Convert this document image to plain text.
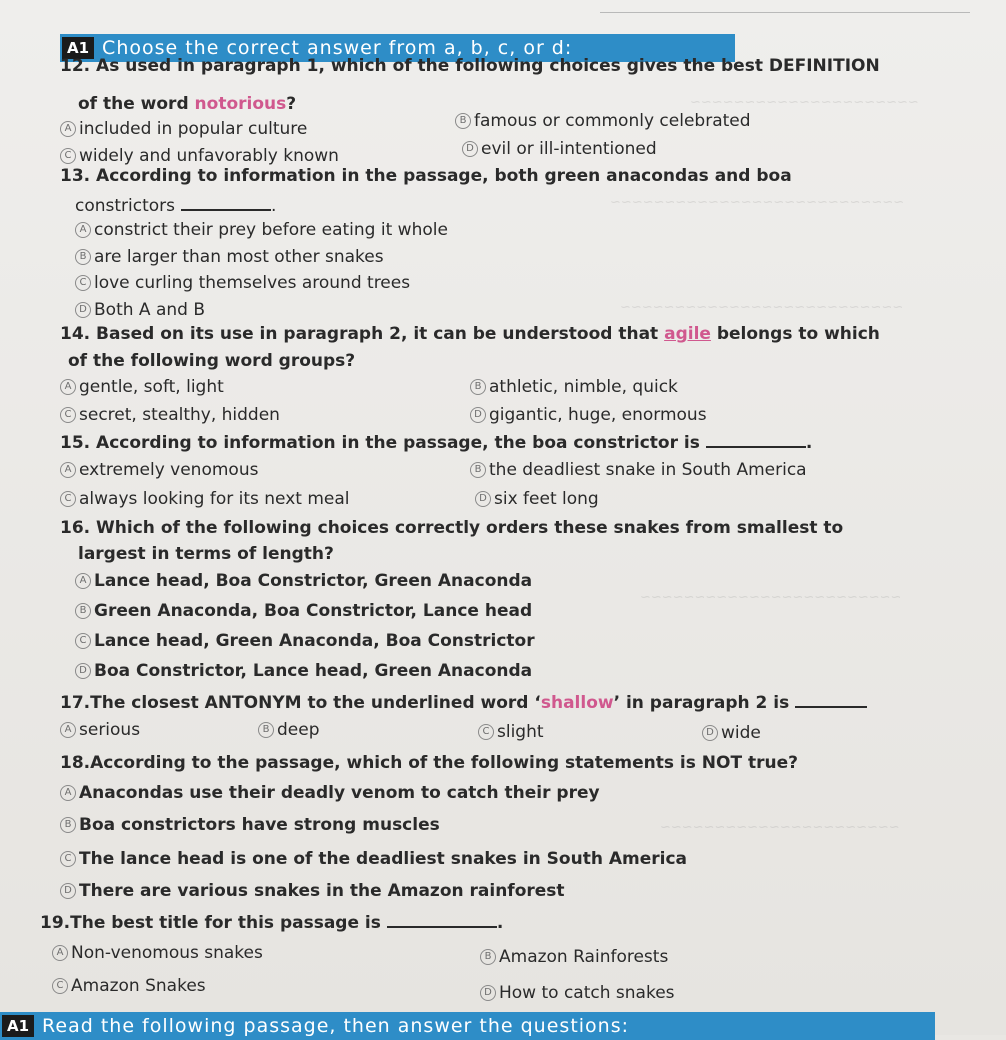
~~~~~~~~~~~~~~~~~~~~~
~~~~~~~~~~~~~~~~~~~~~~~~~~~
~~~~~~~~~~~~~~~~~~~~~~~~~~
~~~~~~~~~~~~~~~~~~~~~~~~
~~~~~~~~~~~~~~~~~~~~~~
A1 Choose the correct answer from a, b, c, or d:
12. As used in paragraph 1, which of the following choices gives the best DEFINITION
of the word notorious?
A included in popular culture	B famous or commonly celebrated
C widely and unfavorably known	D evil or ill-intentioned
13. According to information in the passage, both green anacondas and boa
constrictors	.
A constrict their prey before eating it whole
B are larger than most other snakes
C love curling themselves around trees
D Both A and B
14. Based on its use in paragraph 2, it can be understood that agile belongs to which
of the following word groups?
A gentle, soft, light	B athletic, nimble, quick
C secret, stealthy, hidden	D gigantic, huge, enormous
15. According to information in the passage, the boa constrictor is	.
A extremely venomous	B the deadliest snake in South America
C always looking for its next meal	D six feet long
16. Which of the following choices correctly orders these snakes from smallest to
largest in terms of length?
A Lance head, Boa Constrictor, Green Anaconda
B Green Anaconda, Boa Constrictor, Lance head
C Lance head, Green Anaconda, Boa Constrictor
D Boa Constrictor, Lance head, Green Anaconda
17.The closest ANTONYM to the underlined word ‘shallow’ in paragraph 2 is
A serious	B deep	C slight	D wide
18.According to the passage, which of the following statements is NOT true?
A Anacondas use their deadly venom to catch their prey
B Boa constrictors have strong muscles
C The lance head is one of the deadliest snakes in South America
D There are various snakes in the Amazon rainforest
19.The best title for this passage is	.
A Non-venomous snakes	B Amazon Rainforests
C Amazon Snakes	D How to catch snakes
A1 Read the following passage, then answer the questions:
